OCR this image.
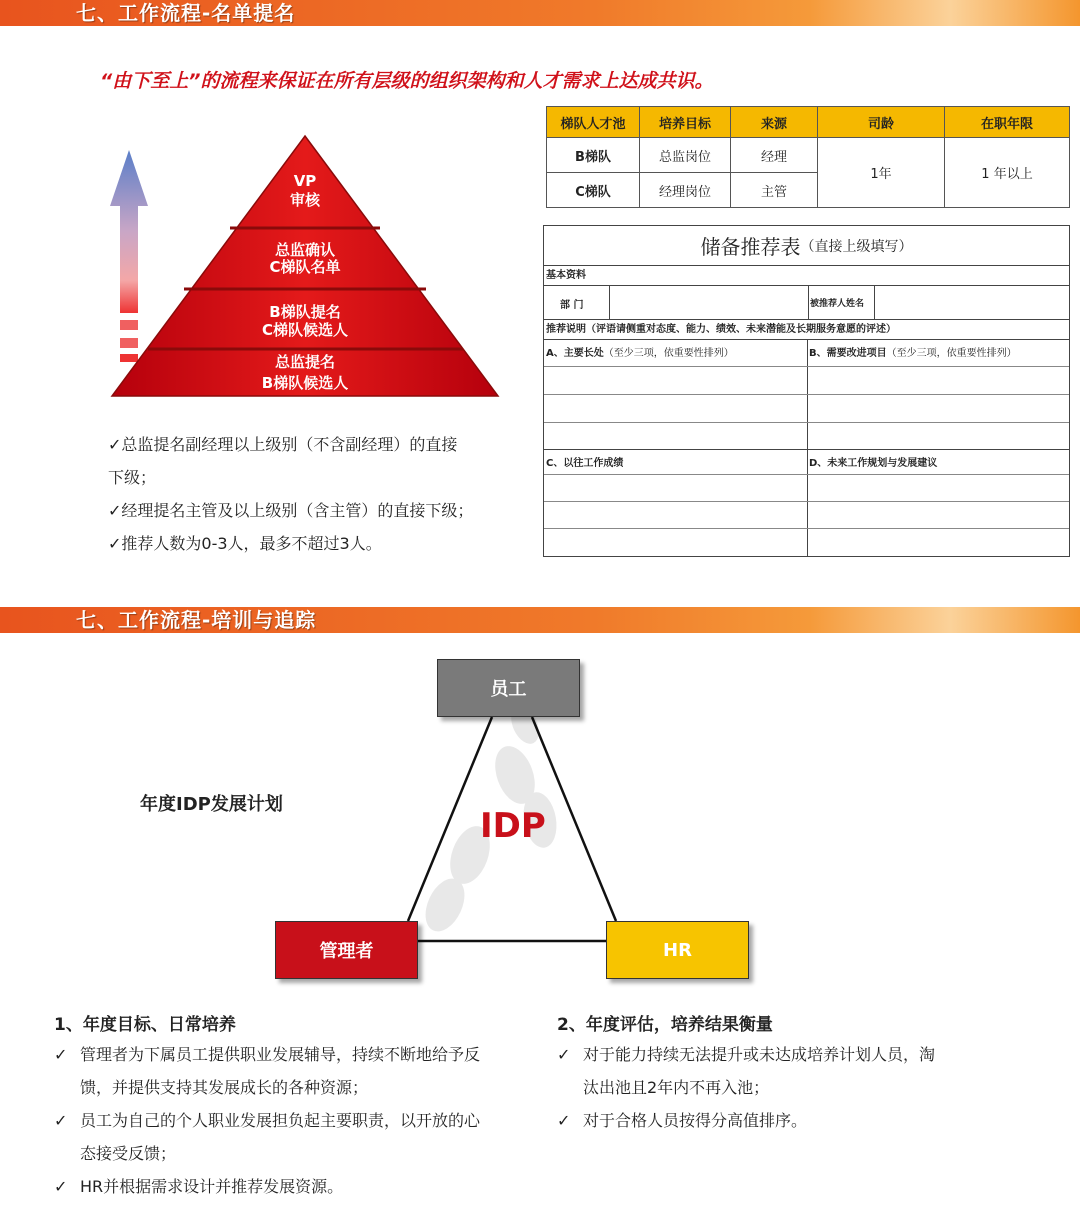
七、工作流程-名单提名
“由下至上”的流程来保证在所有层级的组织架构和人才需求上达成共识。
VP
审核
总监确认
C梯队名单
B梯队提名
C梯队候选人
总监提名
B梯队候选人
✓总监提名副经理以上级别（不含副经理）的直接
下级；
✓经理提名主管及以上级别（含主管）的直接下级；
✓推荐人数为0-3人，最多不超过3人。
梯队人才池	培养目标	来源	司龄	在职年限
B梯队	总监岗位	经理	1年	1 年以上
C梯队	经理岗位	主管		
储备推荐表 （直接上级填写）
基本资料
部 门	被推荐人姓名
推荐说明（评语请侧重对态度、能力、绩效、未来潜能及长期服务意愿的评述）
A、主要长处（至少三项，依重要性排列）	B、需要改进项目（至少三项，依重要性排列）
C、以往工作成绩	D、未来工作规划与发展建议
七、工作流程-培训与追踪
员工
管理者	HR
IDP
年度IDP发展计划
1、年度目标、日常培养
✓ 管理者为下属员工提供职业发展辅导，持续不断地给予反
馈，并提供支持其发展成长的各种资源；
✓ 员工为自己的个人职业发展担负起主要职责，以开放的心
态接受反馈；
✓ HR并根据需求设计并推荐发展资源。
2、年度评估，培养结果衡量
✓ 对于能力持续无法提升或未达成培养计划人员，淘
汰出池且2年内不再入池；
✓ 对于合格人员按得分高值排序。
